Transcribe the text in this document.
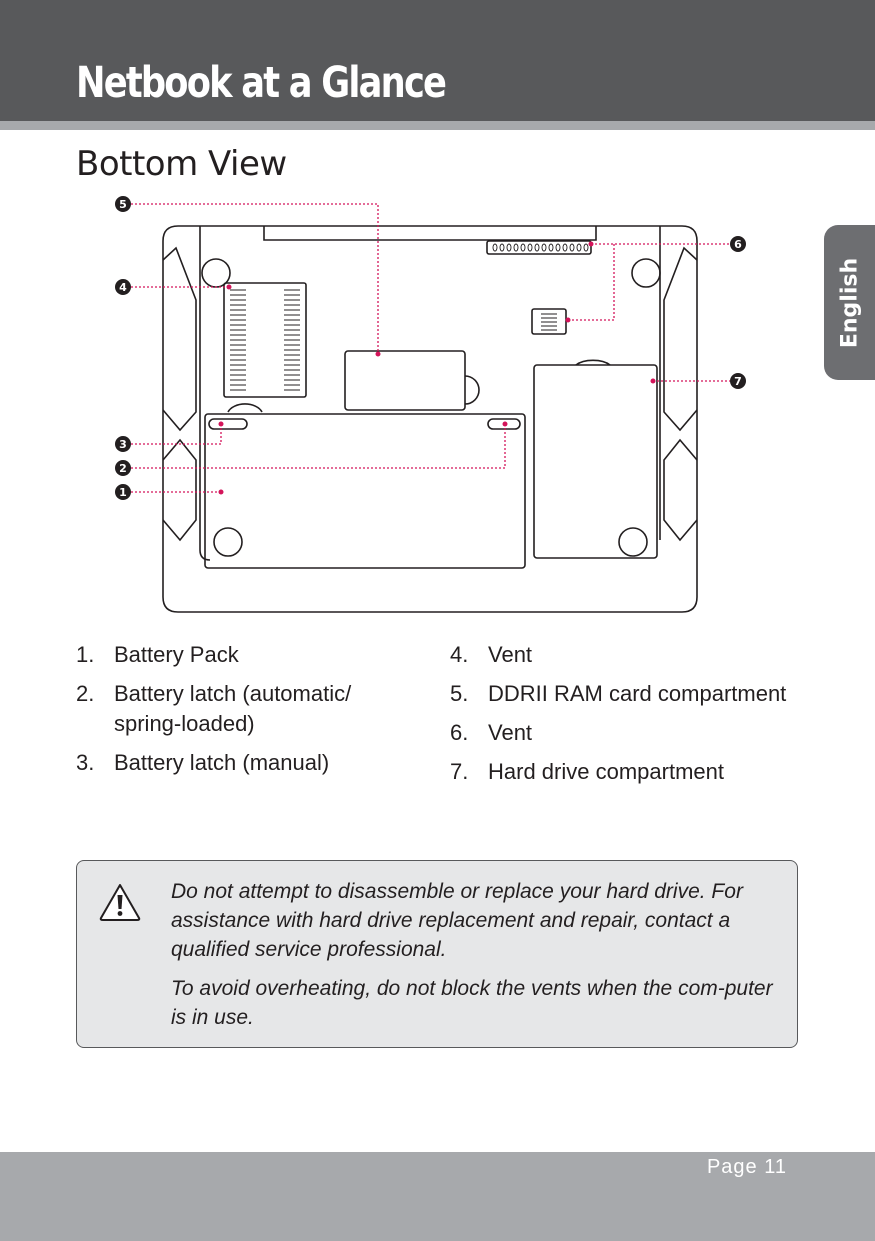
Netbook at a Glance
English
Bottom View
1
2
3
4
5
6
7
1. Battery Pack
2. Battery latch (automatic/ spring-loaded)
3. Battery latch (manual)
4. Vent
5. DDRII RAM card compartment
6. Vent
7. Hard drive compartment

Do not attempt to disassemble or replace your hard drive. For assistance with hard drive replacement and repair, contact a qualiﬁed service professional.

To avoid overheating, do not block the vents when the com-puter is in use.

Page 11
